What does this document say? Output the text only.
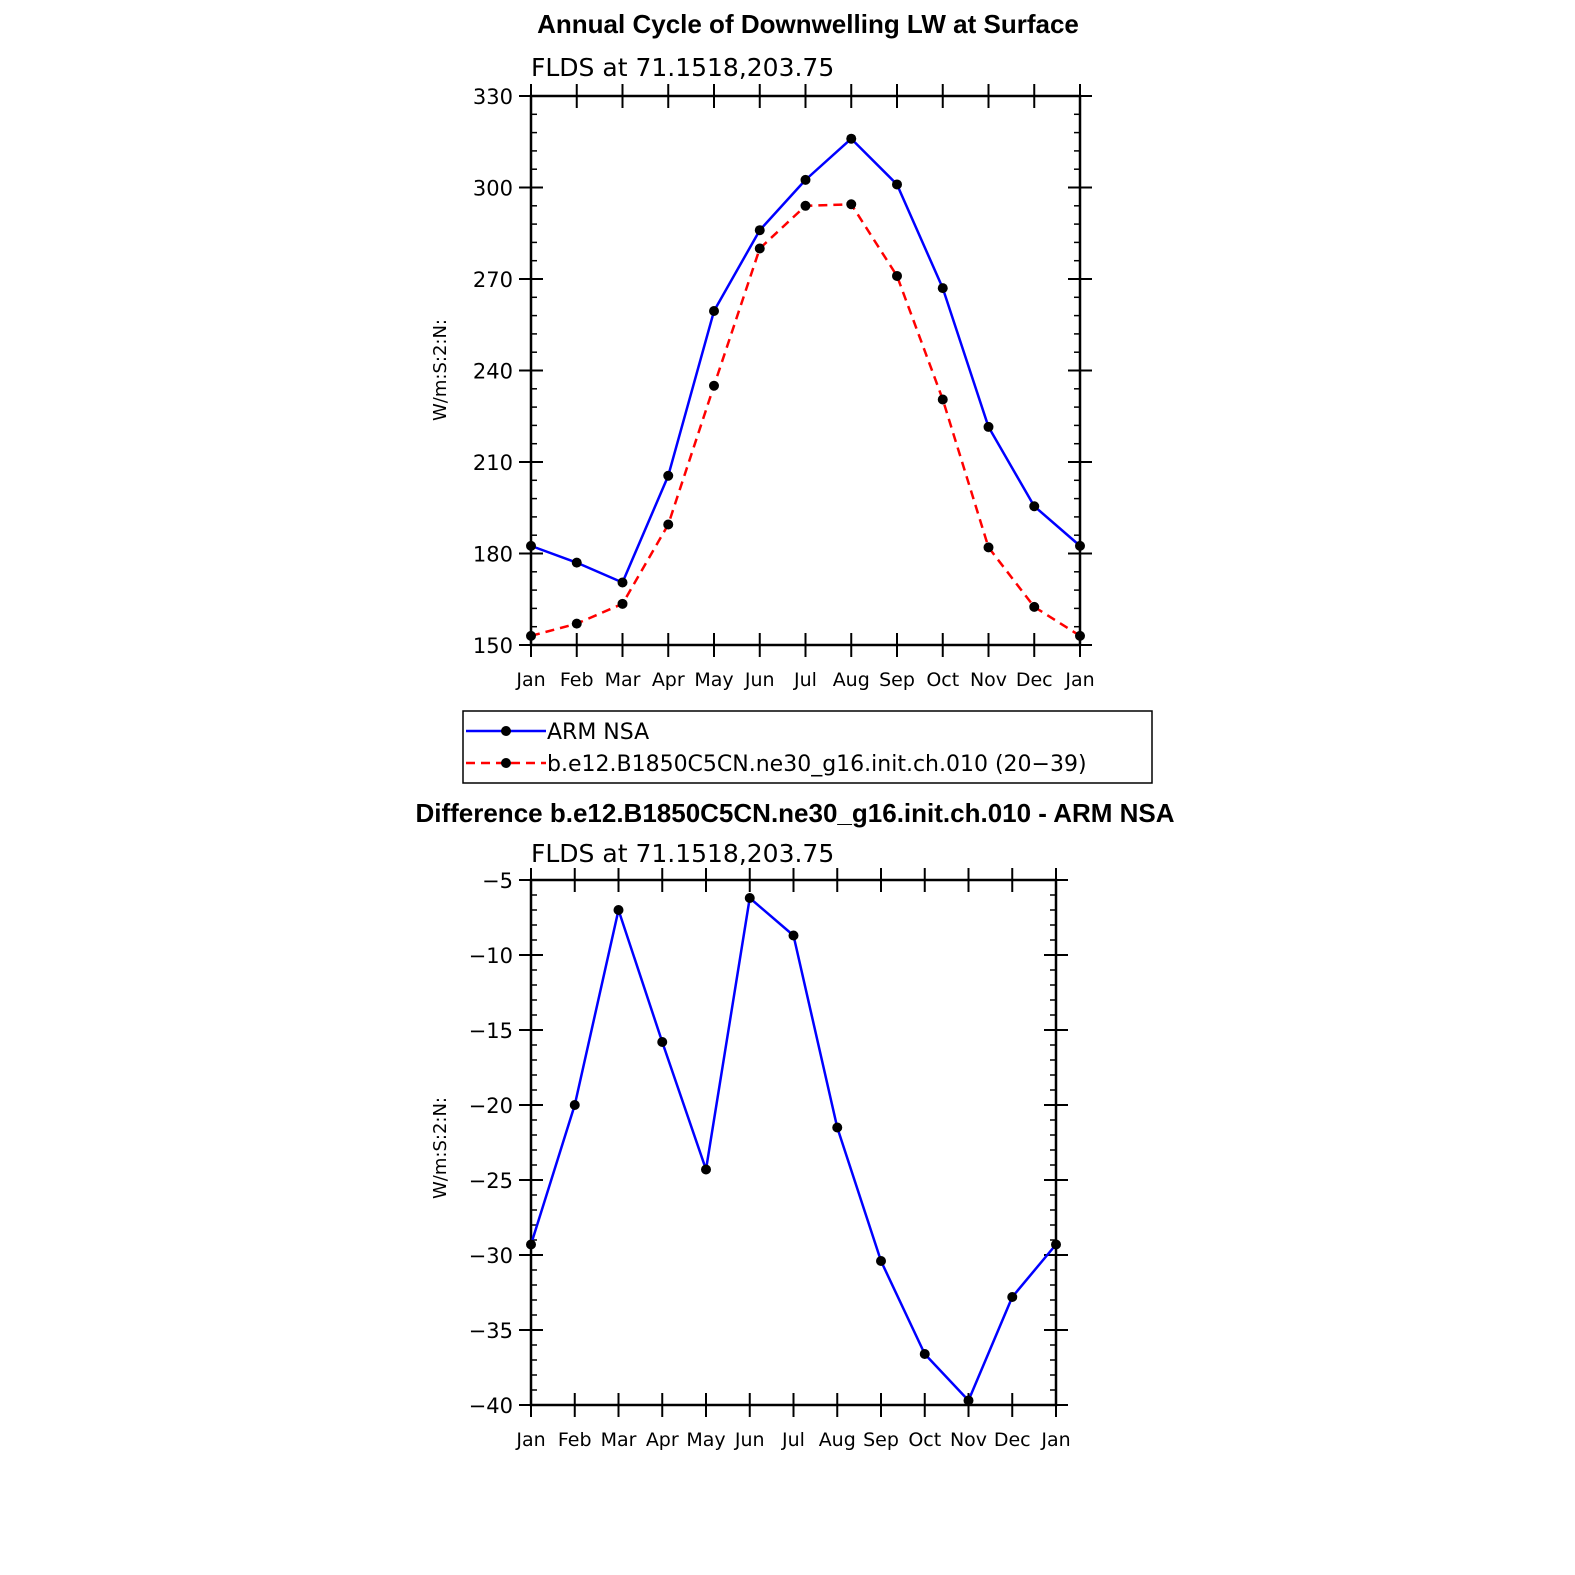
Annual Cycle of Downwelling LW at Surface
FLDS at 71.1518,203.75
W/m:S:2:N:
150
180
210
240
270
300
330
Jan Feb Mar Apr May Jun Jul Aug Sep Oct Nov Dec Jan
ARM NSA
b.e12.B1850C5CN.ne30_g16.init.ch.010 (20−39)
Difference b.e12.B1850C5CN.ne30_g16.init.ch.010 - ARM NSA
FLDS at 71.1518,203.75
W/m:S:2:N:
−40
−35
−30
−25
−20
−15
−10
−5
Jan Feb Mar Apr May Jun Jul Aug Sep Oct Nov Dec Jan
